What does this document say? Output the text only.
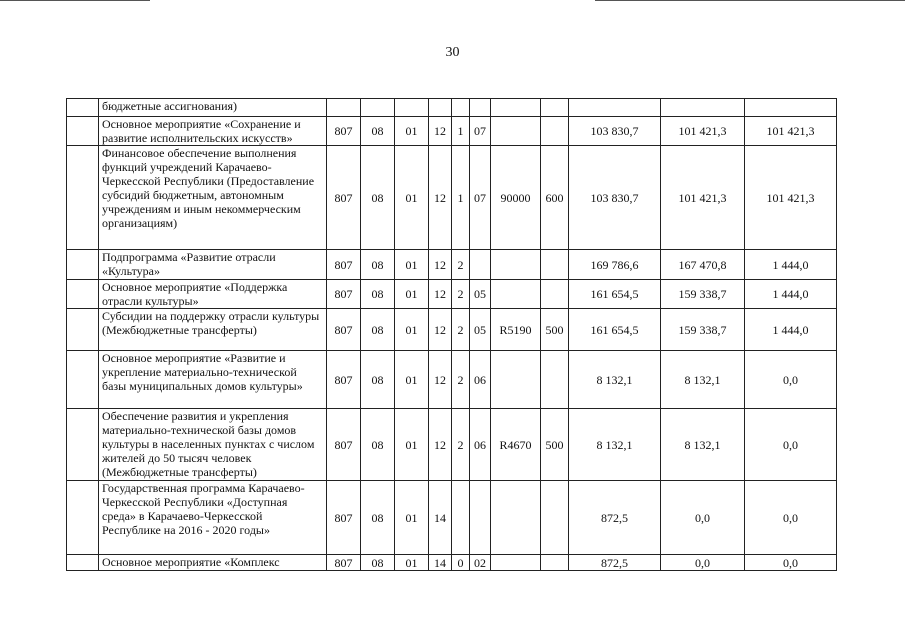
30
	бюджетные ассигнования)											
	Основное мероприятие «Сохранение и развитие исполнительских искусств»	807	08	01	12	1	07			103 830,7	101 421,3	101 421,3
	Финансовое обеспечение выполнения функций учреждений Карачаево-Черкесской Республики (Предоставление субсидий бюджетным, автономным учреждениям и иным некоммерческим организациям)	807	08	01	12	1	07	90000	600	103 830,7	101 421,3	101 421,3
	Подпрограмма «Развитие отрасли «Культура»	807	08	01	12	2				169 786,6	167 470,8	1 444,0
	Основное мероприятие «Поддержка отрасли культуры»	807	08	01	12	2	05			161 654,5	159 338,7	1 444,0
	Субсидии на поддержку отрасли культуры (Межбюджетные трансферты)	807	08	01	12	2	05	R5190	500	161 654,5	159 338,7	1 444,0
	Основное мероприятие «Развитие и укрепление материально-технической базы муниципальных домов культуры»	807	08	01	12	2	06			8 132,1	8 132,1	0,0
	Обеспечение развития и укрепления материально-технической базы домов культуры в населенных пунктах с числом жителей до 50 тысяч человек (Межбюджетные трансферты)	807	08	01	12	2	06	R4670	500	8 132,1	8 132,1	0,0
	Государственная программа Карачаево-Черкесской Республики «Доступная среда» в Карачаево-Черкесской Республике на 2016 - 2020 годы»	807	08	01	14					872,5	0,0	0,0
	Основное мероприятие «Комплекс	807	08	01	14	0	02			872,5	0,0	0,0
